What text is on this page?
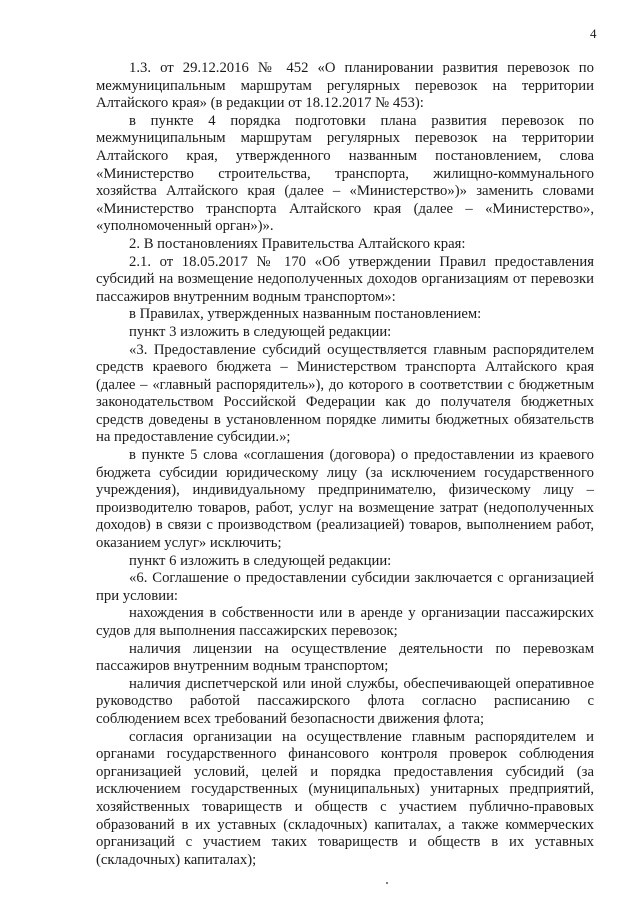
4

1.3. от 29.12.2016 № 452 «О планировании развития перевозок по межмуниципальным маршрутам регулярных перевозок на территории Алтайского края» (в редакции от 18.12.2017 № 453):

в пункте 4 порядка подготовки плана развития перевозок по межмуниципальным маршрутам регулярных перевозок на территории Алтайского края, утвержденного названным постановлением, слова «Министерство строительства, транспорта, жилищно-коммунального хозяйства Алтайского края (далее – «Министерство»)» заменить словами «Министерство транспорта Алтайского края (далее – «Министерство», «уполномоченный орган»)».

2. В постановлениях Правительства Алтайского края:

2.1. от 18.05.2017 № 170 «Об утверждении Правил предоставления субсидий на возмещение недополученных доходов организациям от перевозки пассажиров внутренним водным транспортом»:

в Правилах, утвержденных названным постановлением:

пункт 3 изложить в следующей редакции:

«3. Предоставление субсидий осуществляется главным распорядителем средств краевого бюджета – Министерством транспорта Алтайского края (далее – «главный распорядитель»), до которого в соответствии с бюджетным законодательством Российской Федерации как до получателя бюджетных средств доведены в установленном порядке лимиты бюджетных обязательств на предоставление субсидии.»;

в пункте 5 слова «соглашения (договора) о предоставлении из краевого бюджета субсидии юридическому лицу (за исключением государственного учреждения), индивидуальному предпринимателю, физическому лицу – производителю товаров, работ, услуг на возмещение затрат (недополученных доходов) в связи с производством (реализацией) товаров, выполнением работ, оказанием услуг» исключить;

пункт 6 изложить в следующей редакции:

«6. Соглашение о предоставлении субсидии заключается с организацией при условии:

нахождения в собственности или в аренде у организации пассажирских судов для выполнения пассажирских перевозок;

наличия лицензии на осуществление деятельности по перевозкам пассажиров внутренним водным транспортом;

наличия диспетчерской или иной службы, обеспечивающей оперативное руководство работой пассажирского флота согласно расписанию с соблюдением всех требований безопасности движения флота;

согласия организации на осуществление главным распорядителем и органами государственного финансового контроля проверок соблюдения организацией условий, целей и порядка предоставления субсидий (за исключением государственных (муниципальных) унитарных предприятий, хозяйственных товариществ и обществ с участием публично-правовых образований в их уставных (складочных) капиталах, а также коммерческих организаций с участием таких товариществ и обществ в их уставных (складочных) капиталах);
